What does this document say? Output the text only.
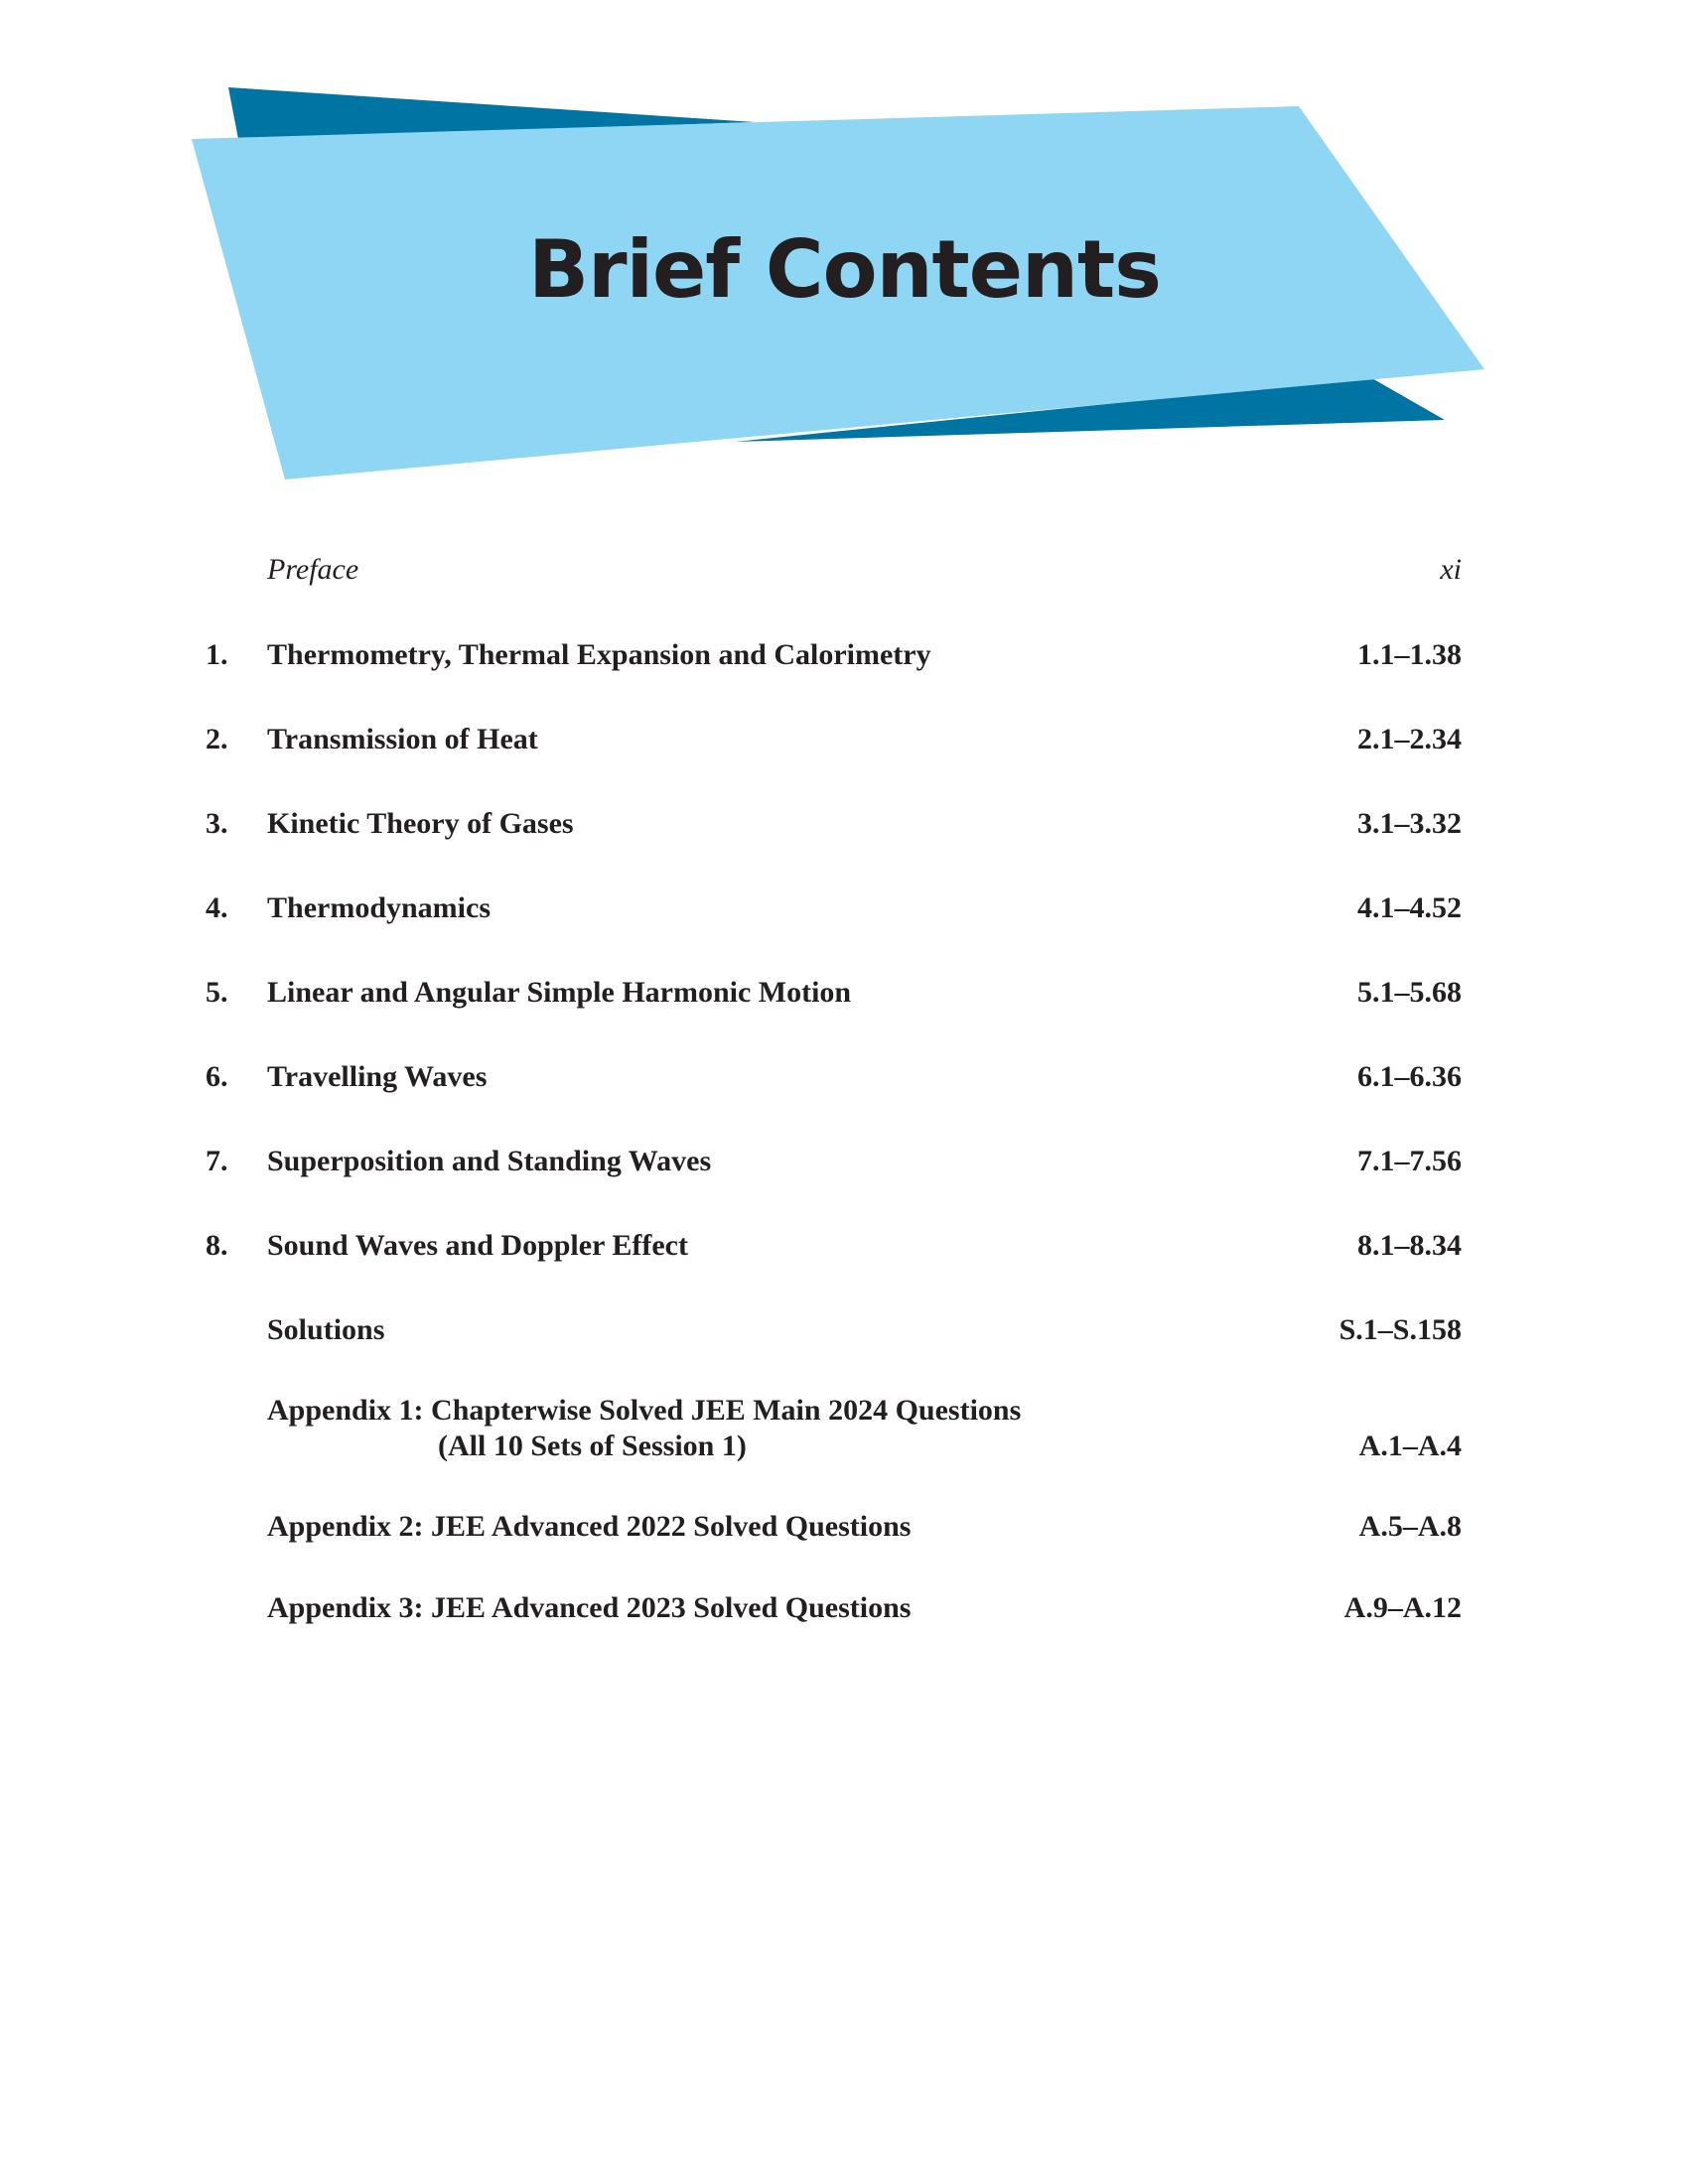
Brief Contents
Preface	xi
1. Thermometry, Thermal Expansion and Calorimetry	1.1–1.38
2. Transmission of Heat	2.1–2.34
3. Kinetic Theory of Gases	3.1–3.32
4. Thermodynamics	4.1–4.52
5. Linear and Angular Simple Harmonic Motion	5.1–5.68
6. Travelling Waves	6.1–6.36
7. Superposition and Standing Waves	7.1–7.56
8. Sound Waves and Doppler Effect	8.1–8.34
Solutions	S.1–S.158
Appendix 1: Chapterwise Solved JEE Main 2024 Questions
(All 10 Sets of Session 1)	A.1–A.4
Appendix 2: JEE Advanced 2022 Solved Questions	A.5–A.8
Appendix 3: JEE Advanced 2023 Solved Questions	A.9–A.12
